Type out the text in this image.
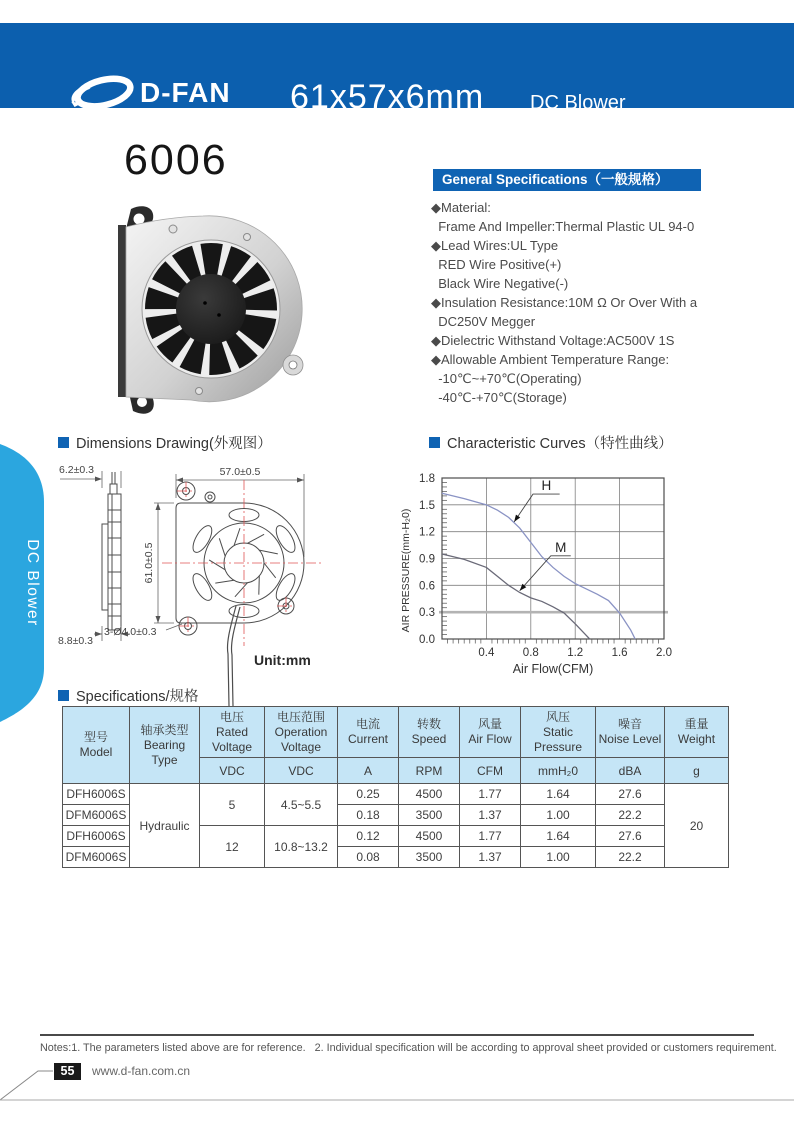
D-FAN 61x57x6mm DC Blower
DC Blower
6006	General Specifications（一般规格）
◆Material:
Frame And Impeller:Thermal Plastic UL 94-0
◆Lead Wires:UL Type
RED Wire Positive(+)
Black Wire Negative(-)
◆Insulation Resistance:10M Ω Or Over With a
DC250V Megger
◆Dielectric Withstand Voltage:AC500V 1S
◆Allowable Ambient Temperature Range:
-10℃~+70℃(Operating)
-40℃-+70℃(Storage)
Dimensions Drawing(外观图）	Characteristic Curves（特性曲线）
6.2±0.3
8.8±0.3
57.0±0.5
61.0±0.5
3-Ø4.0±0.3
Unit:mm
0.0
0.3
0.6
0.9
1.2
1.5
1.8
0.4 0.8 1.2 1.6 2.0
Air Flow(CFM)
AIR PRESSURE(mm-H₂0)
H
M
Specifications/规格
型号
Model	轴承类型
Bearing
Type	电压
Rated
Voltage	电压范围
Operation
Voltage	电流
Current	转数
Speed	风量
Air Flow	风压
Static
Pressure	噪音
Noise Level	重量
Weight
		VDC	VDC	A	RPM	CFM	mmH₂0	dBA	g
DFH6006S	Hydraulic	5	4.5~5.5	0.25	4500	1.77	1.64	27.6	20
DFM6006S				0.18	3500	1.37	1.00	22.2	
DFH6006S		12	10.8~13.2	0.12	4500	1.77	1.64	27.6	
DFM6006S				0.08	3500	1.37	1.00	22.2	
Notes:1. The parameters listed above are for reference.   2. Individual specification will be according to approval sheet provided or customers requirement.
55	www.d-fan.com.cn
